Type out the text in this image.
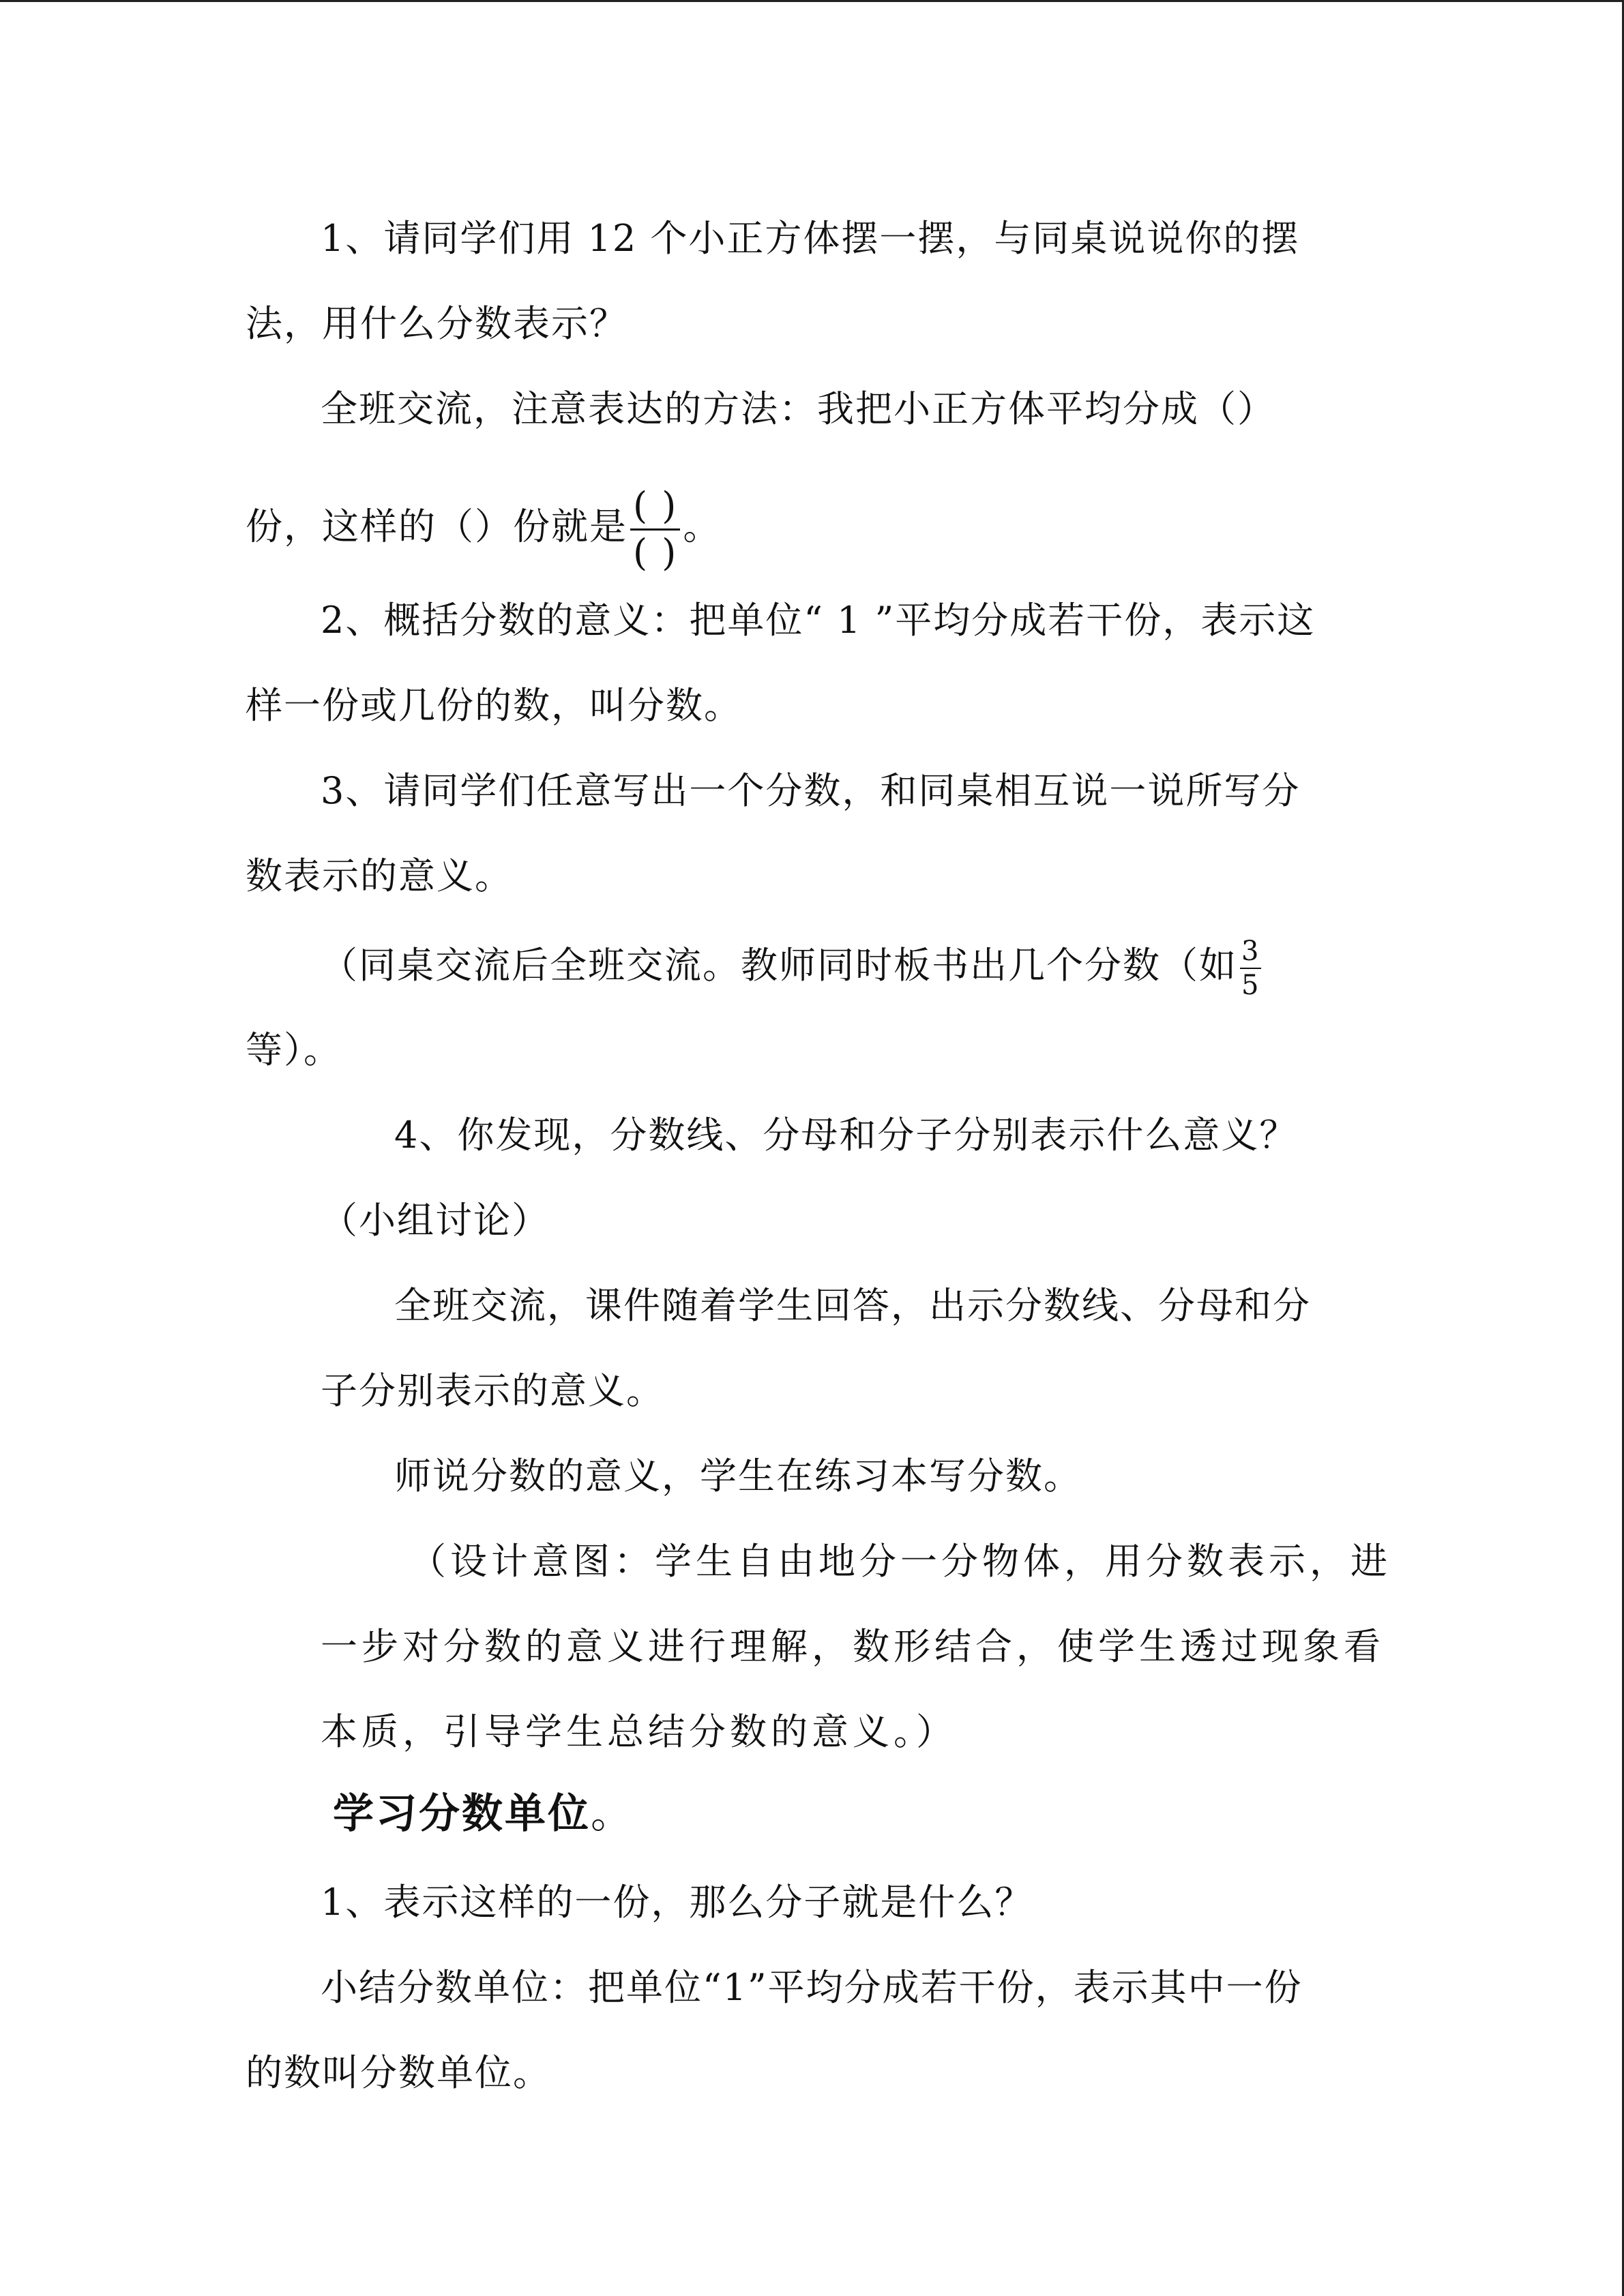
1、请同学们用 12 个小正方体摆一摆，与同桌说说你的摆
法，用什么分数表示？
全班交流，注意表达的方法：我把小正方体平均分成（）
份，这样的（）份就是 $\frac{( )}{( )}$ 。
2、概括分数的意义：把单位“ 1 ”平均分成若干份，表示这
样一份或几份的数，叫分数。
3、请同学们任意写出一个分数，和同桌相互说一说所写分
数表示的意义。
（同桌交流后全班交流。教师同时板书出几个分数（如 $\frac{3}{5}$
等）。
4、你发现，分数线、分母和分子分别表示什么意义？
（小组讨论）
全班交流，课件随着学生回答，出示分数线、分母和分
子分别表示的意义。
师说分数的意义，学生在练习本写分数。
（设计意图：学生自由地分一分物体，用分数表示，进
一步对分数的意义进行理解，数形结合，使学生透过现象看
本质，引导学生总结分数的意义。）
学习分数单位。
1、表示这样的一份，那么分子就是什么？
小结分数单位：把单位“1”平均分成若干份，表示其中一份
的数叫分数单位。
